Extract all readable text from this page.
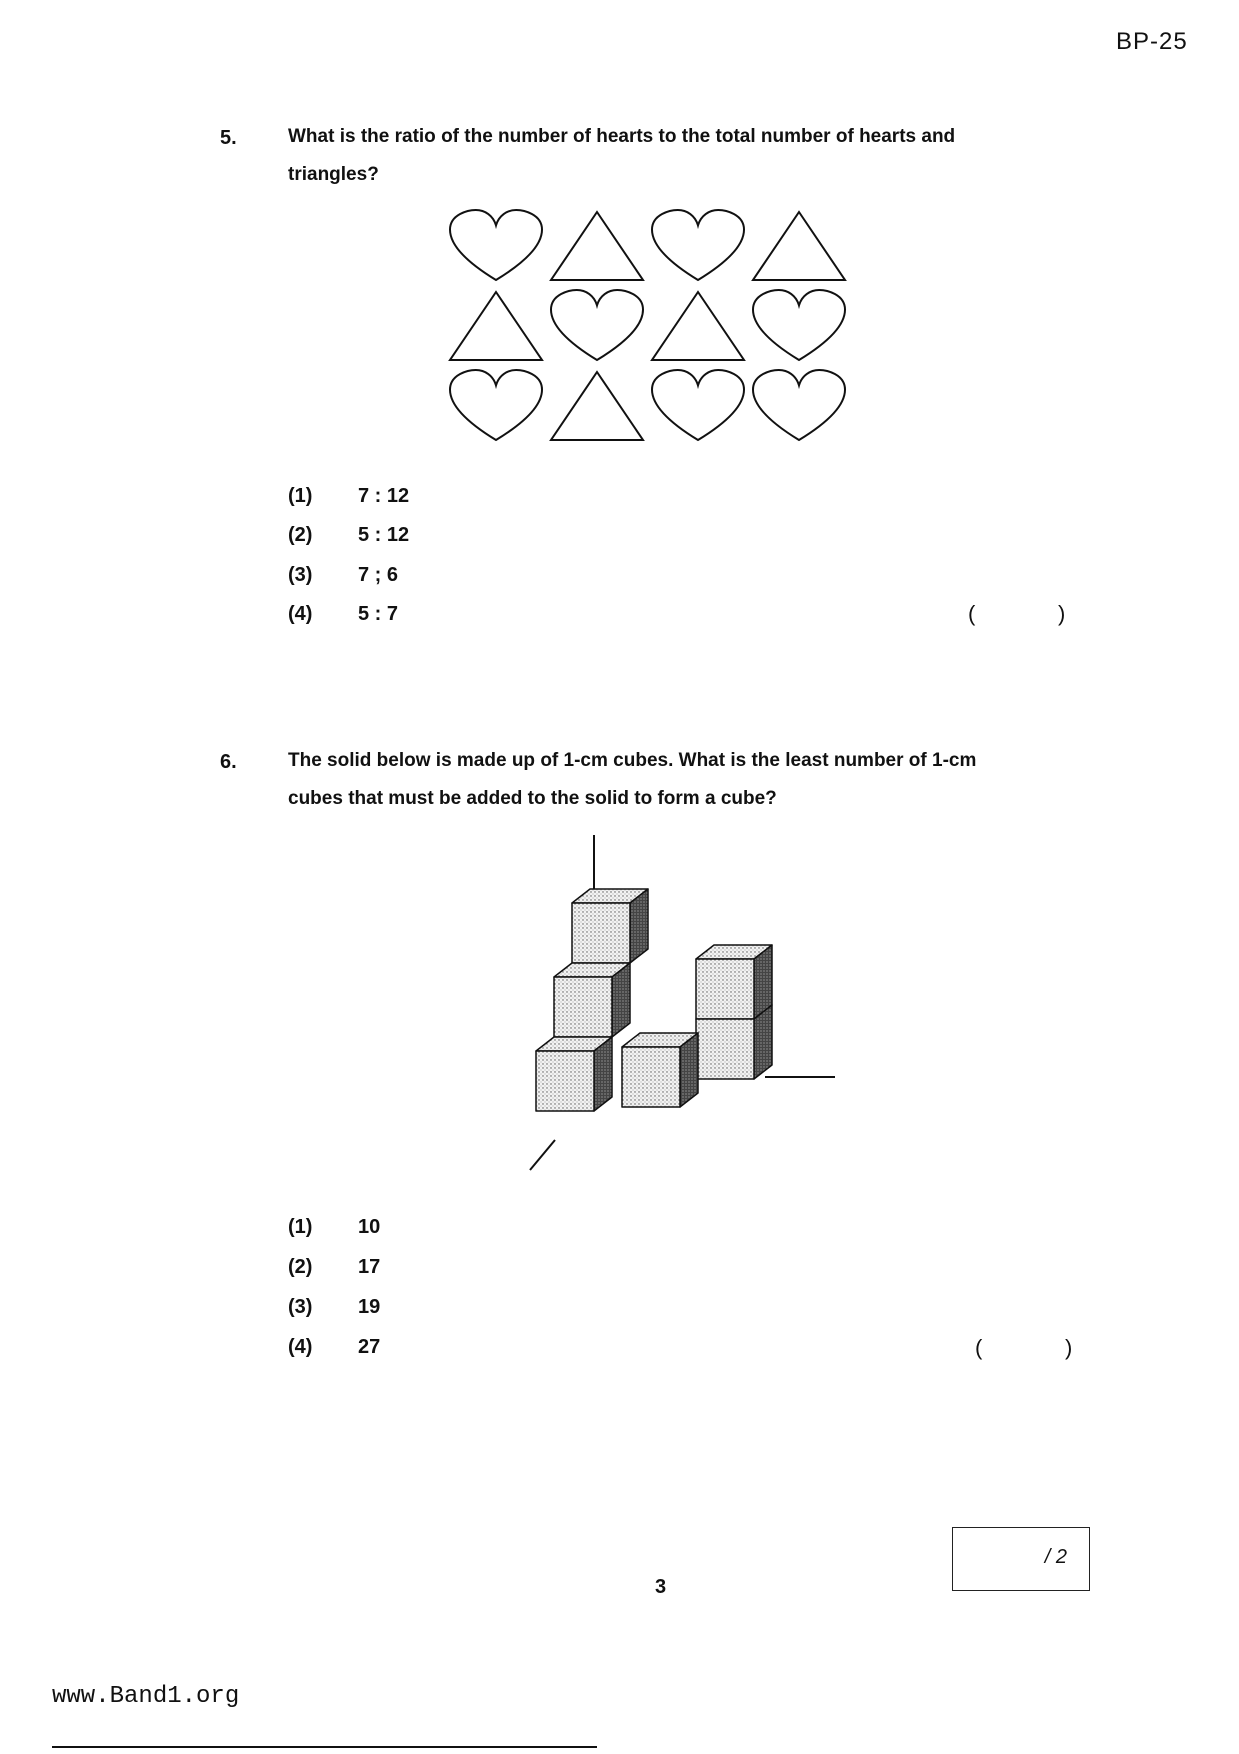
BP-25
5.	What is the ratio of the number of hearts to the total number of hearts and
triangles?
(1) 7 : 12
(2) 5 : 12
(3) 7 ; 6
(4) 5 : 7	(	)
6.	The solid below is made up of 1-cm cubes. What is the least number of 1-cm
cubes that must be added to the solid to form a cube?
(1) 10
(2) 17
(3) 19
(4) 27	(	)
/ 2
3
www.Band1.org
